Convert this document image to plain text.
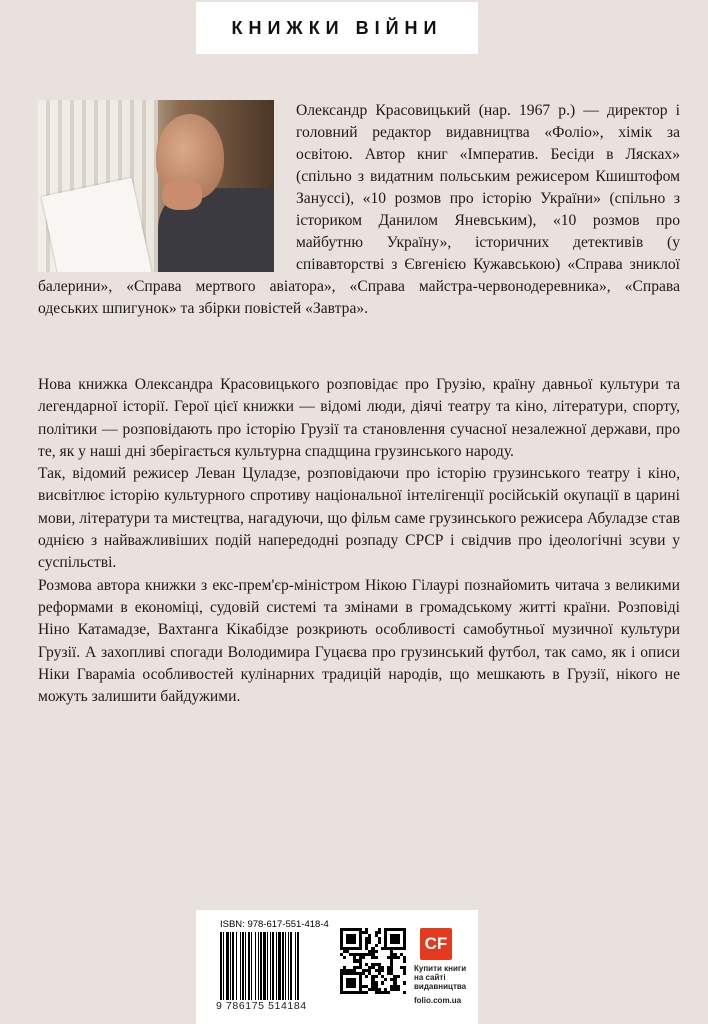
КНИЖКИ ВІЙНИ
Олександр Красовицький (нар. 1967 р.) — директор і головний редактор видавництва «Фоліо», хімік за освітою. Автор книг «Імператив. Бесіди в Лясках» (спільно з видатним польським режисером Кшиштофом Зануссі), «10 розмов про історію України» (спільно з істориком Данилом Яневським), «10 розмов про майбутню Україну», історичних детективів (у співавторстві з Євгенією Кужавською) «Справа зниклої балерини», «Справа мертвого авіатора», «Справа майстра-червонодеревника», «Справа одеських шпигунок» та збірки повістей «Завтра».

Нова книжка Олександра Красовицького розповідає про Грузію, країну давньої культури та легендарної історії. Герої цієї книжки — відомі люди, діячі театру та кіно, літератури, спорту, політики — розповідають про історію Грузії та становлення сучасної незалежної держави, про те, як у наші дні зберігається культурна спадщина грузинського народу.

Так, відомий режисер Леван Цуладзе, розповідаючи про історію грузинського театру і кіно, висвітлює історію культурного спротиву національної інтелігенції російській окупації в царині мови, літератури та мистецтва, нагадуючи, що фільм саме грузинського режисера Абуладзе став однією з найважливіших подій напередодні розпаду СРСР і свідчив про ідеологічні зсуви у суспільстві.

Розмова автора книжки з екс-прем'єр-міністром Нікою Гілаурі познайомить читача з великими реформами в економіці, судовій системі та змінами в громадському житті країни. Розповіді Ніно Катамадзе, Вахтанга Кікабідзе розкриють особливості самобутньої музичної культури Грузії. А захопливі спогади Володимира Гуцаєва про грузинський футбол, так само, як і описи Ніки Гвараміа особливостей кулінарних традицій народів, що мешкають в Грузії, нікого не можуть залишити байдужими.

ISBN: 978-617-551-418-4
9 786175 514184
CF
Купити книги на сайті видавництва
folio.com.ua
